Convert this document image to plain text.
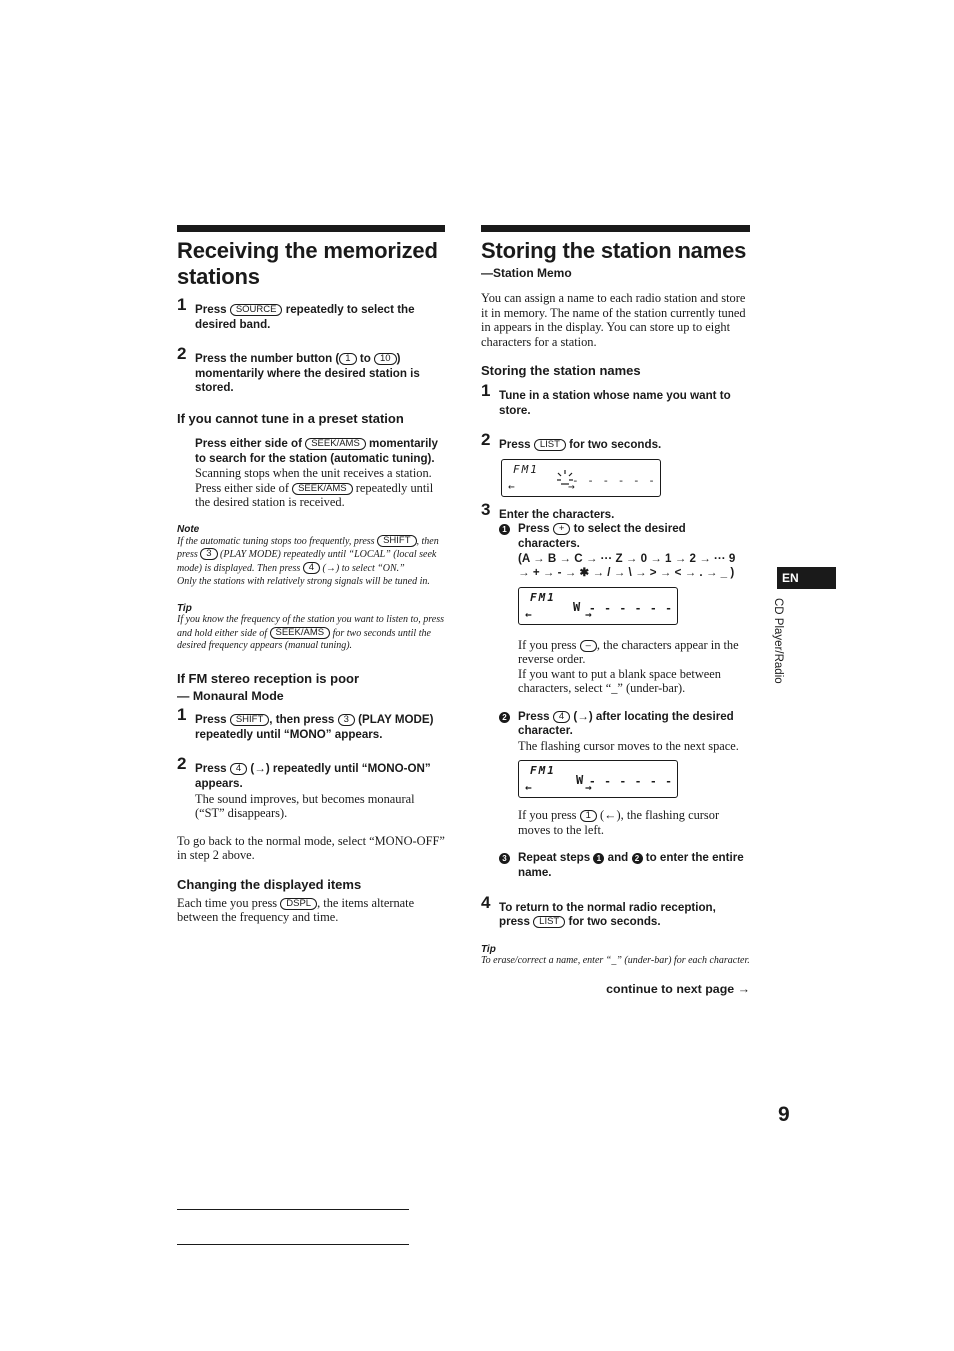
Receiving the memorized stations
1 Press SOURCE repeatedly to select the desired band.
2 Press the number button ( 1 to 10 ) momentarily where the desired station is stored.
If you cannot tune in a preset station
Press either side of SEEK/AMS momentarily to search for the station (automatic tuning).
Scanning stops when the unit receives a station. Press either side of SEEK/AMS repeatedly until the desired station is received.
Note
If the automatic tuning stops too frequently, press SHIFT , then press 3 (PLAY MODE) repeatedly until “LOCAL” (local seek mode) is displayed. Then press 4 (→) to select “ON.”
Only the stations with relatively strong signals will be tuned in.
Tip
If you know the frequency of the station you want to listen to, press and hold either side of SEEK/AMS for two seconds until the desired frequency appears (manual tuning).
If FM stereo reception is poor
— Monaural Mode
1 Press SHIFT , then press 3 (PLAY MODE) repeatedly until “MONO” appears.
2 Press 4 (→) repeatedly until “MONO-ON” appears.
The sound improves, but becomes monaural (“ST” disappears).
To go back to the normal mode, select “MONO-OFF” in step 2 above.
Changing the displayed items
Each time you press DSPL , the items alternate between the frequency and time.
Storing the station names
—Station Memo
You can assign a name to each radio station and store it in memory. The name of the station currently tuned in appears in the display. You can store up to eight characters for a station.
Storing the station names
1 Tune in a station whose name you want to store.
2 Press LIST for two seconds.
FM1
- - - - - -
←	→
3 Enter the characters.
1 Press + to select the desired characters.
(A → B → C → ··· Z → 0 → 1 → 2 → ··· 9 → + → - → ✱ → / → \ → > → < → . → _ )
FM1
W - - - - - -
←	→
If you press – , the characters appear in the reverse order.
If you want to put a blank space between characters, select “_” (under-bar).
2 Press 4 (→) after locating the desired character.
The flashing cursor moves to the next space.
FM1
W - - - - - -
←	→
If you press 1 (←), the flashing cursor moves to the left.
3 Repeat steps 1 and 2 to enter the entire name.
4 To return to the normal radio reception, press LIST for two seconds.
Tip
To erase/correct a name, enter “_” (under-bar) for each character.
continue to next page →
EN
CD Player/Radio
9
